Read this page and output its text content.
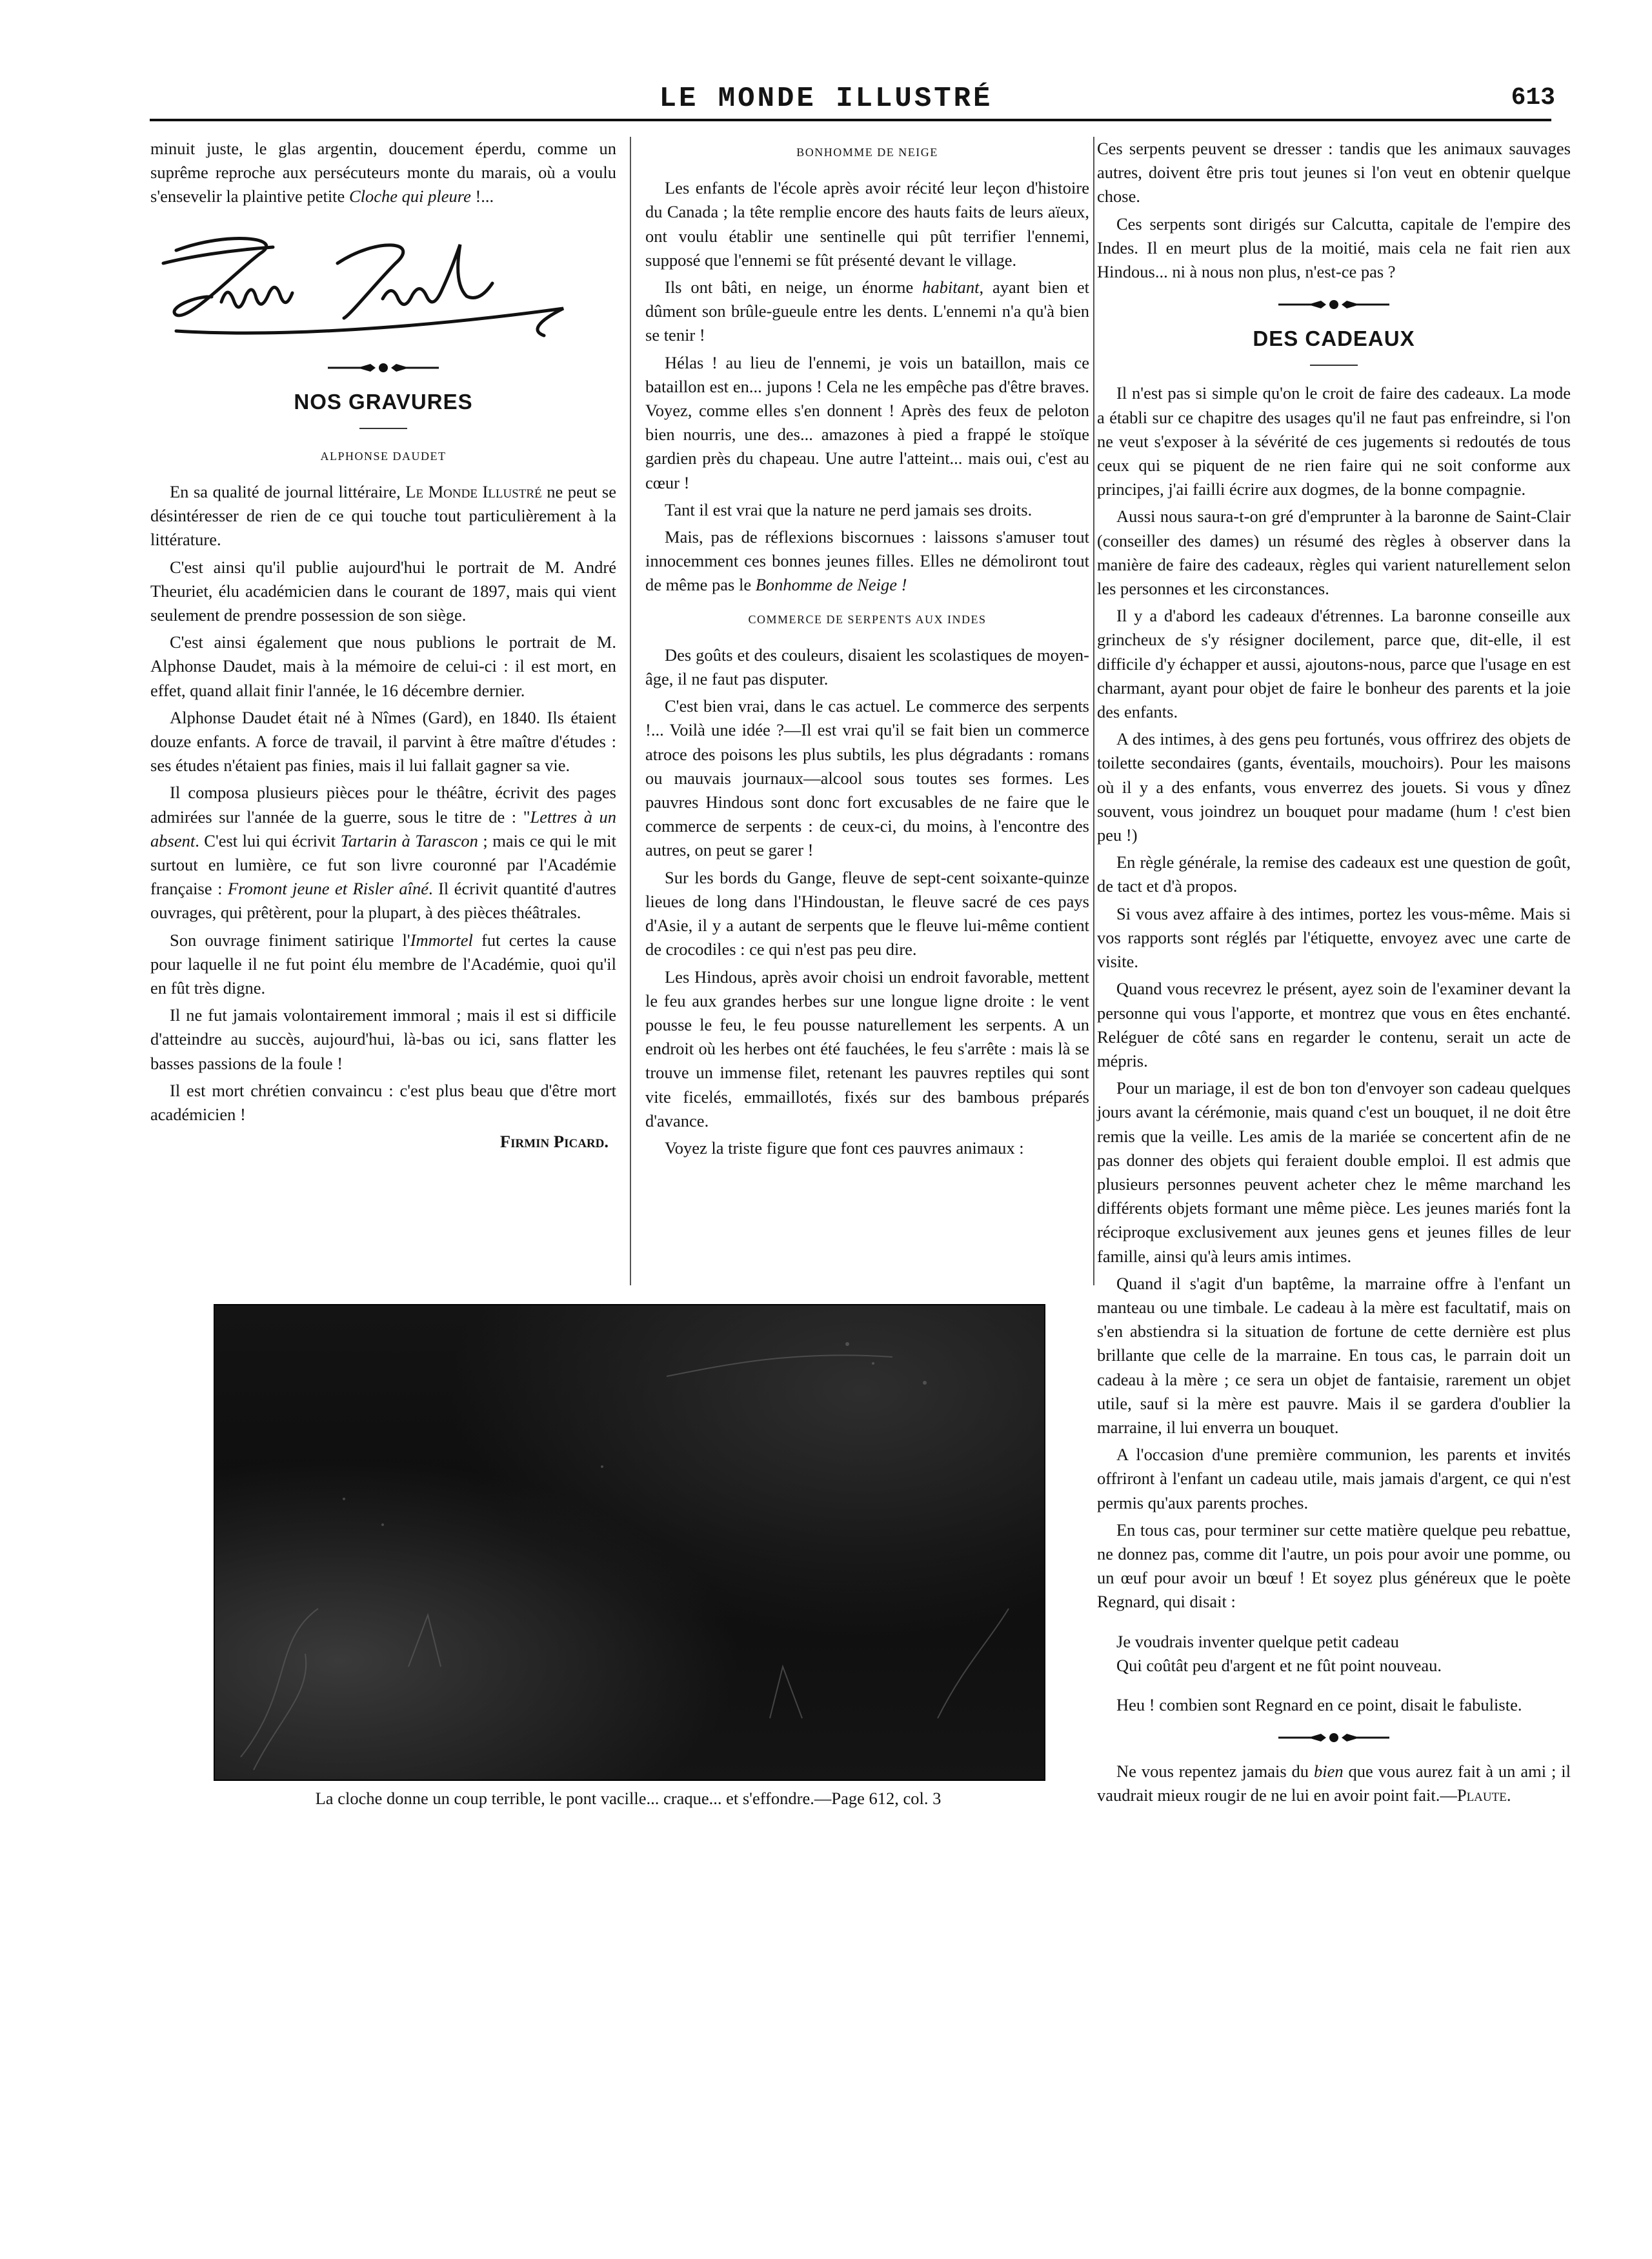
LE MONDE ILLUSTRÉ	613

minuit juste, le glas argentin, doucement éperdu, comme un suprême reproche aux persécuteurs monte du marais, où a voulu s'ensevelir la plaintive petite Cloche qui pleure !...

NOS GRAVURES
ALPHONSE DAUDET

En sa qualité de journal littéraire, Le Monde Illustré ne peut se désintéresser de rien de ce qui touche tout particulièrement à la littérature.

C'est ainsi qu'il publie aujourd'hui le portrait de M. André Theuriet, élu académicien dans le courant de 1897, mais qui vient seulement de prendre possession de son siège.

C'est ainsi également que nous publions le portrait de M. Alphonse Daudet, mais à la mémoire de celui-ci : il est mort, en effet, quand allait finir l'année, le 16 décembre dernier.

Alphonse Daudet était né à Nîmes (Gard), en 1840. Ils étaient douze enfants. A force de travail, il parvint à être maître d'études : ses études n'étaient pas finies, mais il lui fallait gagner sa vie.

Il composa plusieurs pièces pour le théâtre, écrivit des pages admirées sur l'année de la guerre, sous le titre de : "Lettres à un absent. C'est lui qui écrivit Tartarin à Tarascon ; mais ce qui le mit surtout en lumière, ce fut son livre couronné par l'Académie française : Fromont jeune et Risler aîné. Il écrivit quantité d'autres ouvrages, qui prêtèrent, pour la plupart, à des pièces théâtrales.

Son ouvrage finiment satirique l'Immortel fut certes la cause pour laquelle il ne fut point élu membre de l'Académie, quoi qu'il en fût très digne.

Il ne fut jamais volontairement immoral ; mais il est si difficile d'atteindre au succès, aujourd'hui, là-bas ou ici, sans flatter les basses passions de la foule !

Il est mort chrétien convaincu : c'est plus beau que d'être mort académicien !

Firmin Picard.
BONHOMME DE NEIGE

Les enfants de l'école après avoir récité leur leçon d'histoire du Canada ; la tête remplie encore des hauts faits de leurs aïeux, ont voulu établir une sentinelle qui pût terrifier l'ennemi, supposé que l'ennemi se fût présenté devant le village.

Ils ont bâti, en neige, un énorme habitant, ayant bien et dûment son brûle-gueule entre les dents. L'ennemi n'a qu'à bien se tenir !

Hélas ! au lieu de l'ennemi, je vois un bataillon, mais ce bataillon est en... jupons ! Cela ne les empêche pas d'être braves. Voyez, comme elles s'en donnent ! Après des feux de peloton bien nourris, une des... amazones à pied a frappé le stoïque gardien près du chapeau. Une autre l'atteint... mais oui, c'est au cœur !

Tant il est vrai que la nature ne perd jamais ses droits.

Mais, pas de réflexions biscornues : laissons s'amuser tout innocemment ces bonnes jeunes filles. Elles ne démoliront tout de même pas le Bonhomme de Neige !

COMMERCE DE SERPENTS AUX INDES

Des goûts et des couleurs, disaient les scolastiques de moyen-âge, il ne faut pas disputer.

C'est bien vrai, dans le cas actuel. Le commerce des serpents !... Voilà une idée ?—Il est vrai qu'il se fait bien un commerce atroce des poisons les plus subtils, les plus dégradants : romans ou mauvais journaux—alcool sous toutes ses formes. Les pauvres Hindous sont donc fort excusables de ne faire que le commerce de serpents : de ceux-ci, du moins, à l'encontre des autres, on peut se garer !

Sur les bords du Gange, fleuve de sept-cent soixante-quinze lieues de long dans l'Hindoustan, le fleuve sacré de ces pays d'Asie, il y a autant de serpents que le fleuve lui-même contient de crocodiles : ce qui n'est pas peu dire.

Les Hindous, après avoir choisi un endroit favorable, mettent le feu aux grandes herbes sur une longue ligne droite : le vent pousse le feu, le feu pousse naturellement les serpents. A un endroit où les herbes ont été fauchées, le feu s'arrête : mais là se trouve un immense filet, retenant les pauvres reptiles qui sont vite ficelés, emmaillotés, fixés sur des bambous préparés d'avance.

Voyez la triste figure que font ces pauvres animaux :

Ces serpents peuvent se dresser : tandis que les animaux sauvages autres, doivent être pris tout jeunes si l'on veut en obtenir quelque chose.

Ces serpents sont dirigés sur Calcutta, capitale de l'empire des Indes. Il en meurt plus de la moitié, mais cela ne fait rien aux Hindous... ni à nous non plus, n'est-ce pas ?

DES CADEAUX

Il n'est pas si simple qu'on le croit de faire des cadeaux. La mode a établi sur ce chapitre des usages qu'il ne faut pas enfreindre, si l'on ne veut s'exposer à la sévérité de ces jugements si redoutés de tous ceux qui se piquent de ne rien faire qui ne soit conforme aux principes, j'ai failli écrire aux dogmes, de la bonne compagnie.

Aussi nous saura-t-on gré d'emprunter à la baronne de Saint-Clair (conseiller des dames) un résumé des règles à observer dans la manière de faire des cadeaux, règles qui varient naturellement selon les personnes et les circonstances.

Il y a d'abord les cadeaux d'étrennes. La baronne conseille aux grincheux de s'y résigner docilement, parce que, dit-elle, il est difficile d'y échapper et aussi, ajoutons-nous, parce que l'usage en est charmant, ayant pour objet de faire le bonheur des parents et la joie des enfants.

A des intimes, à des gens peu fortunés, vous offrirez des objets de toilette secondaires (gants, éventails, mouchoirs). Pour les maisons où il y a des enfants, vous enverrez des jouets. Si vous y dînez souvent, vous joindrez un bouquet pour madame (hum ! c'est bien peu !)

En règle générale, la remise des cadeaux est une question de goût, de tact et d'à propos.

Si vous avez affaire à des intimes, portez les vous-même. Mais si vos rapports sont réglés par l'étiquette, envoyez avec une carte de visite.

Quand vous recevrez le présent, ayez soin de l'examiner devant la personne qui vous l'apporte, et montrez que vous en êtes enchanté. Reléguer de côté sans en regarder le contenu, serait un acte de mépris.

Pour un mariage, il est de bon ton d'envoyer son cadeau quelques jours avant la cérémonie, mais quand c'est un bouquet, il ne doit être remis que la veille. Les amis de la mariée se concertent afin de ne pas donner des objets qui feraient double emploi. Il est admis que plusieurs personnes peuvent acheter chez le même marchand les différents objets formant une même pièce. Les jeunes mariés font la réciproque exclusivement aux jeunes gens et jeunes filles de leur famille, ainsi qu'à leurs amis intimes.

Quand il s'agit d'un baptême, la marraine offre à l'enfant un manteau ou une timbale. Le cadeau à la mère est facultatif, mais on s'en abstiendra si la situation de fortune de cette dernière est plus brillante que celle de la marraine. En tous cas, le parrain doit un cadeau à la mère ; ce sera un objet de fantaisie, rarement un objet utile, sauf si la mère est pauvre. Mais il se gardera d'oublier la marraine, il lui enverra un bouquet.

A l'occasion d'une première communion, les parents et invités offriront à l'enfant un cadeau utile, mais jamais d'argent, ce qui n'est permis qu'aux parents proches.

En tous cas, pour terminer sur cette matière quelque peu rebattue, ne donnez pas, comme dit l'autre, un pois pour avoir une pomme, ou un œuf pour avoir un bœuf ! Et soyez plus généreux que le poète Regnard, qui disait :

Je voudrais inventer quelque petit cadeau

Qui coûtât peu d'argent et ne fût point nouveau.

Heu ! combien sont Regnard en ce point, disait le fabuliste.

Ne vous repentez jamais du bien que vous aurez fait à un ami ; il vaudrait mieux rougir de ne lui en avoir point fait.—Plaute.

La cloche donne un coup terrible, le pont vacille... craque... et s'effondre.—Page 612, col. 3
